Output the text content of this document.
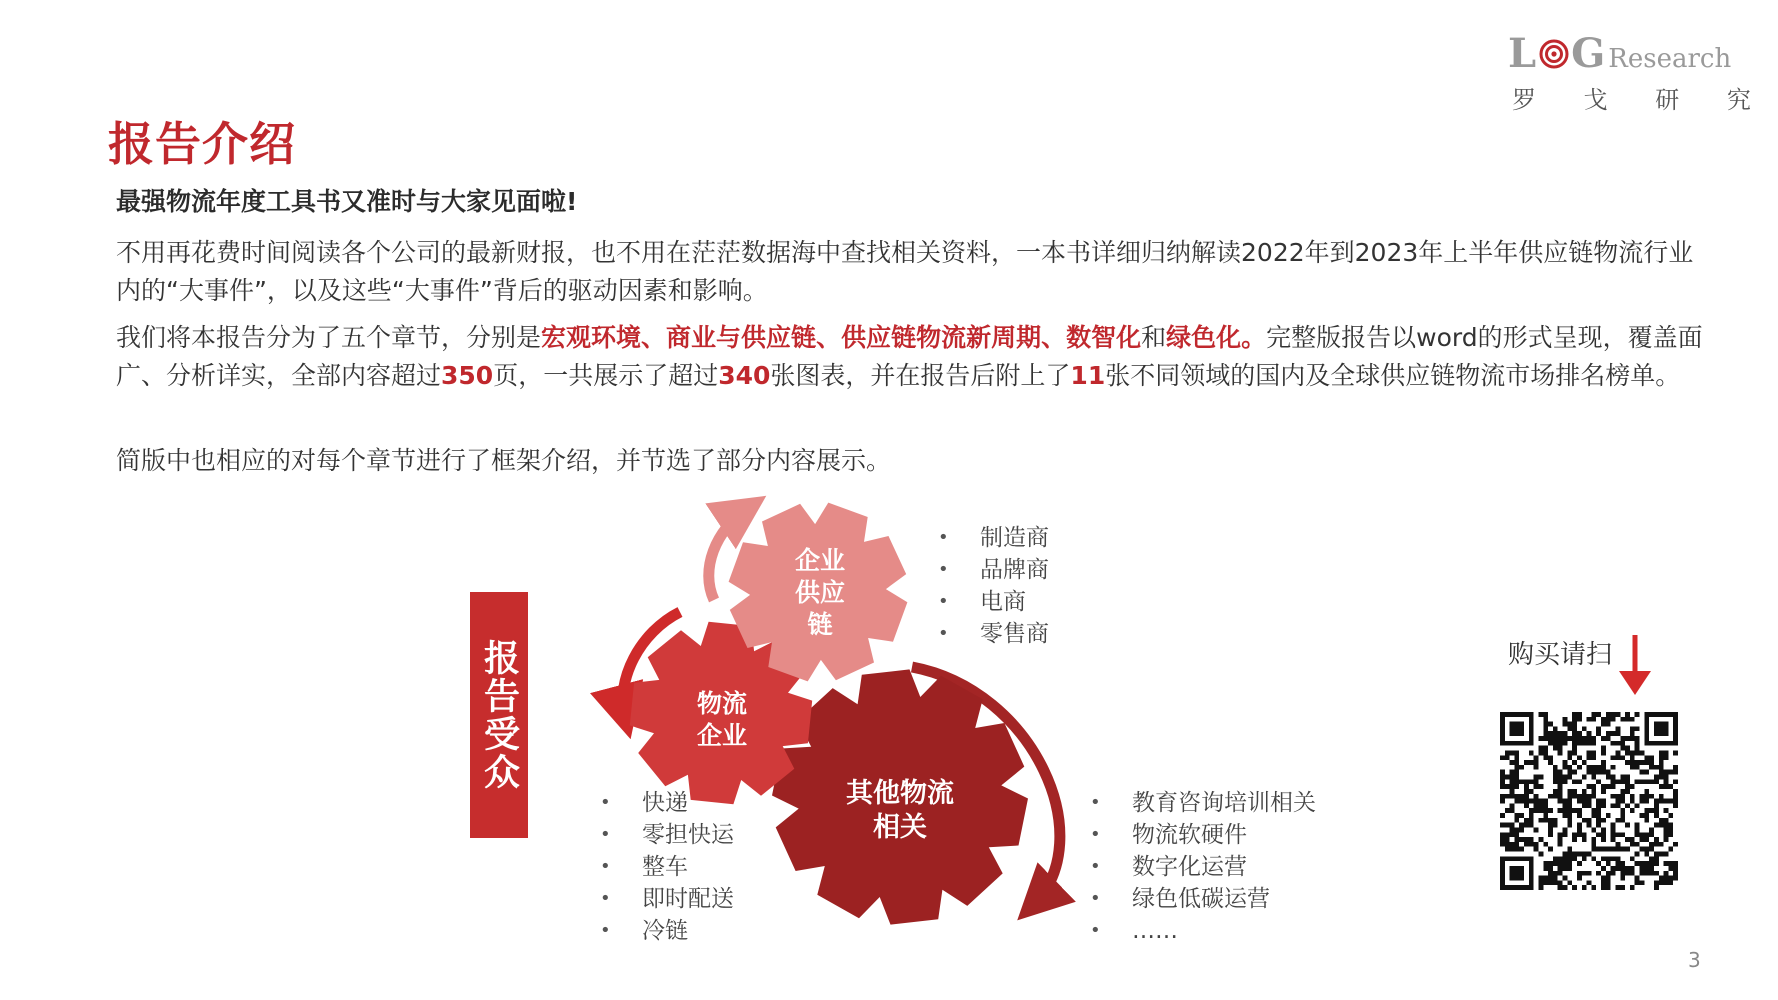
L GResearch
罗 戈 研 究
报告介绍
最强物流年度工具书又准时与大家见面啦!
不用再花费时间阅读各个公司的最新财报，也不用在茫茫数据海中查找相关资料，一本书详细归纳解读2022年到2023年上半年供应链物流行业内的“大事件”，以及这些“大事件”背后的驱动因素和影响。
我们将本报告分为了五个章节，分别是宏观环境、商业与供应链、供应链物流新周期、数智化和绿色化。完整版报告以word的形式呈现，覆盖面广、分析详实，全部内容超过350页，一共展示了超过340张图表，并在报告后附上了11张不同领域的国内及全球供应链物流市场排名榜单。
简版中也相应的对每个章节进行了框架介绍，并节选了部分内容展示。
报告受众
企业
供应
链
物流
企业
其他物流
相关
• 制造商
• 品牌商
• 电商
• 零售商
• 快递
• 零担快运
• 整车
• 即时配送
• 冷链
• 教育咨询培训相关
• 物流软硬件
• 数字化运营
• 绿色低碳运营
• ……
购买请扫
3
